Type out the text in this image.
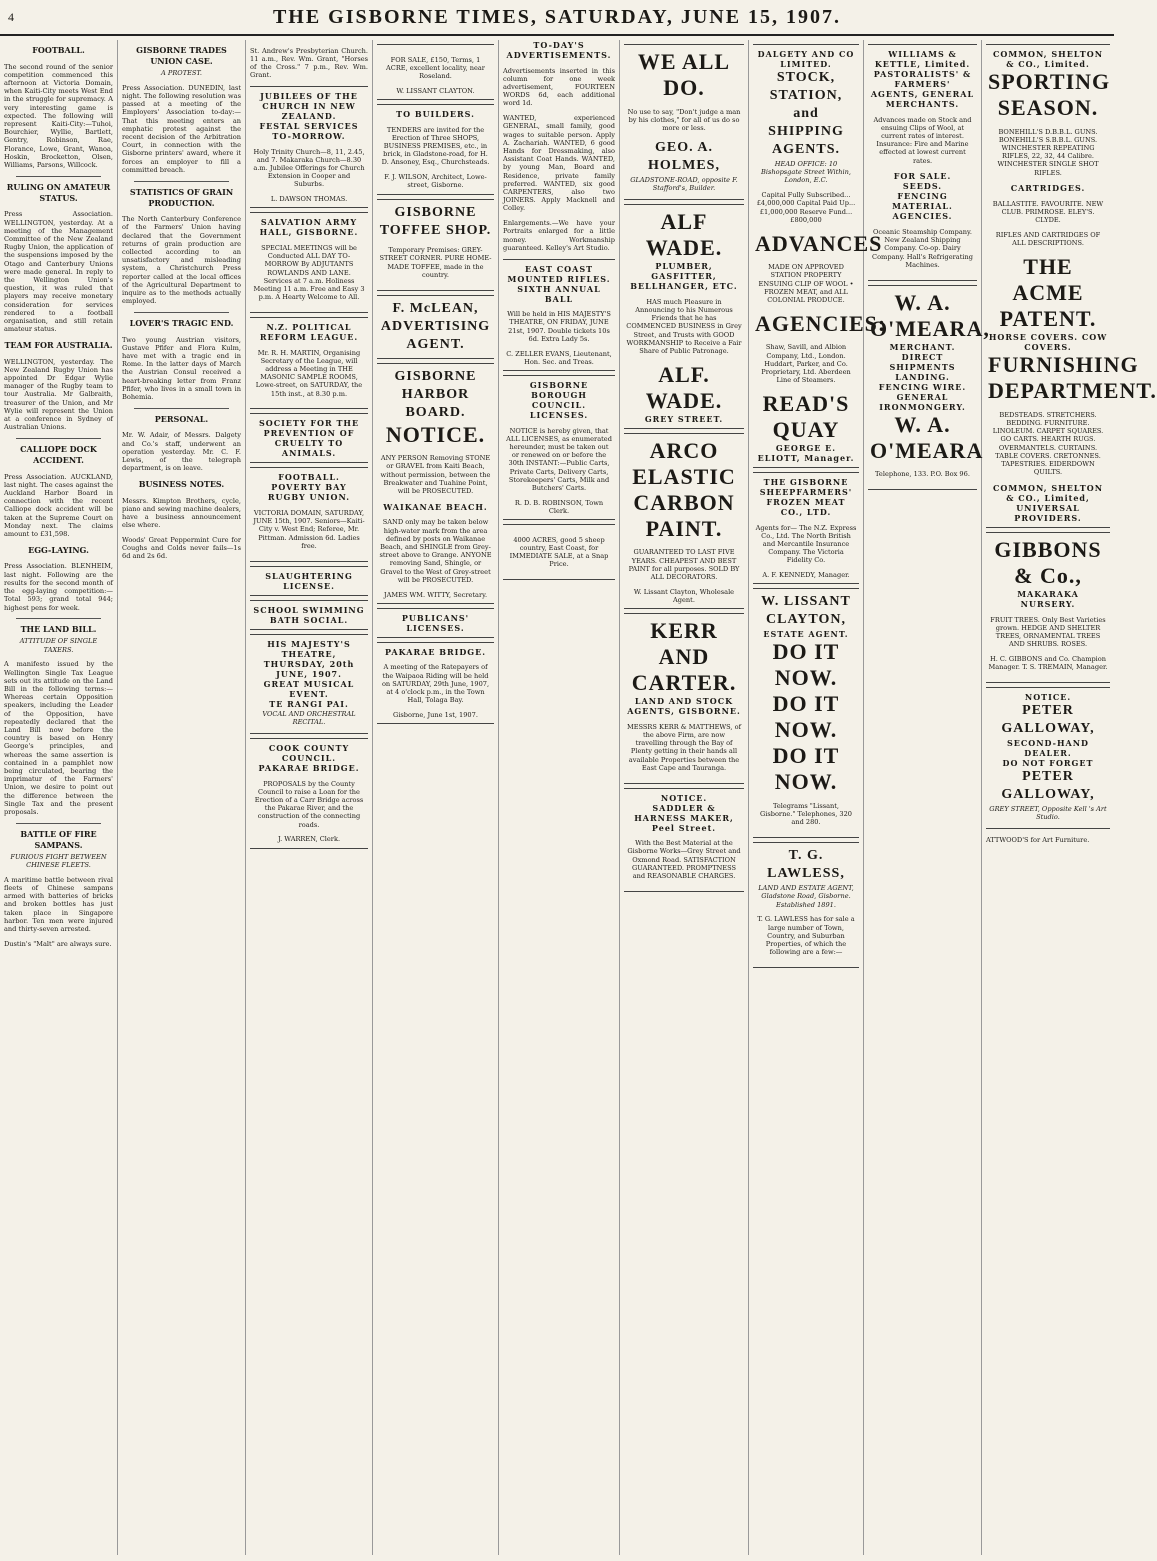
4	THE GISBORNE TIMES, SATURDAY, JUNE 15, 1907.
FOOTBALL.

The second round of the senior competition commenced this afternoon at Victoria Domain, when Kaiti-City meets West End in the struggle for supremacy. A very interesting game is expected. The following will represent Kaiti-City:—Tuhoi, Bourchier, Wyllie, Bartlett, Gentry, Robinson, Rae, Florance, Lowe, Grant, Wanoa, Hoskin, Brocketton, Olsen, Williams, Parsons, Willcock.

RULING ON AMATEUR STATUS.

Press Association. WELLINGTON, yesterday. At a meeting of the Management Committee of the New Zealand Rugby Union, the application of the suspensions imposed by the Otago and Canterbury Unions were made general. In reply to the Wellington Union's question, it was ruled that players may receive monetary consideration for services rendered to a football organisation, and still retain amateur status.

TEAM FOR AUSTRALIA.

WELLINGTON, yesterday. The New Zealand Rugby Union has appointed Dr Edgar Wylie manager of the Rugby team to tour Australia. Mr Galbraith, treasurer of the Union, and Mr Wylie will represent the Union at a conference in Sydney of Australian Unions.

CALLIOPE DOCK ACCIDENT.

Press Association. AUCKLAND, last night. The cases against the Auckland Harbor Board in connection with the recent Calliope dock accident will be taken at the Supreme Court on Monday next. The claims amount to £31,598.

EGG-LAYING.

Press Association. BLENHEIM, last night. Following are the results for the second month of the egg-laying competition:—Total 593; grand total 944; highest pens for week.

THE LAND BILL.
ATTITUDE OF SINGLE TAXERS.

A manifesto issued by the Wellington Single Tax League sets out its attitude on the Land Bill in the following terms:—Whereas certain Opposition speakers, including the Leader of the Opposition, have repeatedly declared that the Land Bill now before the country is based on Henry George's principles, and whereas the same assertion is contained in a pamphlet now being circulated, bearing the imprimatur of the Farmers' Union, we desire to point out the difference between the Single Tax and the present proposals.

BATTLE OF FIRE SAMPANS.
FURIOUS FIGHT BETWEEN CHINESE FLEETS.

A maritime battle between rival fleets of Chinese sampans armed with batteries of bricks and broken bottles has just taken place in Singapore harbor. Ten men were injured and thirty-seven arrested.

Dustin's "Malt" are always sure.

GISBORNE TRADES UNION CASE.
A PROTEST.

Press Association. DUNEDIN, last night. The following resolution was passed at a meeting of the Employers' Association to-day:—That this meeting enters an emphatic protest against the recent decision of the Arbitration Court, in connection with the Gisborne printers' award, where it forces an employer to fill a committed breach.

STATISTICS OF GRAIN PRODUCTION.

The North Canterbury Conference of the Farmers' Union having declared that the Government returns of grain production are collected according to an unsatisfactory and misleading system, a Christchurch Press reporter called at the local offices of the Agricultural Department to inquire as to the methods actually employed.

LOVER'S TRAGIC END.

Two young Austrian visitors, Gustave Pfifer and Flora Kulm, have met with a tragic end in Rome. In the latter days of March the Austrian Consul received a heart-breaking letter from Franz Pfifer, who lives in a small town in Bohemia.

PERSONAL.

Mr. W. Adair, of Messrs. Dalgety and Co.'s staff, underwent an operation yesterday. Mr. C. F. Lewis, of the telegraph department, is on leave.

BUSINESS NOTES.

Messrs. Kimpton Brothers, cycle, piano and sewing machine dealers, have a business announcement else where.

Woods' Great Peppermint Cure for Coughs and Colds never fails—1s 6d and 2s 6d.

St. Andrew's Presbyterian Church. 11 a.m., Rev. Wm. Grant, "Horses of the Cross." 7 p.m., Rev. Wm. Grant.

JUBILEES OF THE CHURCH IN NEW ZEALAND.
FESTAL SERVICES TO-MORROW.

Holy Trinity Church—8, 11, 2.45, and 7. Makaraka Church—8.30 a.m. Jubilee Offerings for Church Extension in Cooper and Suburbs.

L. DAWSON THOMAS.
SALVATION ARMY HALL, GISBORNE.

SPECIAL MEETINGS will be Conducted ALL DAY TO-MORROW By ADJUTANTS ROWLANDS AND LANE. Services at 7 a.m. Holiness Meeting 11 a.m. Free and Easy 3 p.m. A Hearty Welcome to All.

N.Z. POLITICAL REFORM LEAGUE.

Mr. R. H. MARTIN, Organising Secretary of the League, will address a Meeting in THE MASONIC SAMPLE ROOMS, Lowe-street, on SATURDAY, the 15th inst., at 8.30 p.m.

SOCIETY FOR THE PREVENTION OF CRUELTY TO ANIMALS.
FOOTBALL.
POVERTY BAY RUGBY UNION.

VICTORIA DOMAIN, SATURDAY, JUNE 15th, 1907. Seniors—Kaiti-City v. West End; Referee, Mr. Pittman. Admission 6d. Ladies free.

SLAUGHTERING LICENSE.
SCHOOL SWIMMING BATH SOCIAL.
HIS MAJESTY'S THEATRE, THURSDAY, 20th JUNE, 1907.
GREAT MUSICAL EVENT.
TE RANGI PAI.
VOCAL AND ORCHESTRAL RECITAL.
COOK COUNTY COUNCIL.
PAKARAE BRIDGE.

PROPOSALS by the County Council to raise a Loan for the Erection of a Carr Bridge across the Pakarae River, and the construction of the connecting roads.

J. WARREN, Clerk.

FOR SALE, £150, Terms, 1 ACRE, excellent locality, near Roseland.

W. LISSANT CLAYTON.
TO BUILDERS.

TENDERS are invited for the Erection of Three SHOPS, BUSINESS PREMISES, etc., in brick, in Gladstone-road, for H. D. Ansoney, Esq., Churchsteads.

F. J. WILSON, Architect, Lowe-street, Gisborne.
GISBORNE TOFFEE SHOP.

Temporary Premises: GREY-STREET CORNER. PURE HOME-MADE TOFFEE, made in the country.

F. McLEAN, ADVERTISING AGENT.
GISBORNE HARBOR BOARD.
NOTICE.

ANY PERSON Removing STONE or GRAVEL from Kaiti Beach, without permission, between the Breakwater and Tuahine Point, will be PROSECUTED.

WAIKANAE BEACH.

SAND only may be taken below high-water mark from the area defined by posts on Waikanae Beach, and SHINGLE from Grey-street above to Grange. ANYONE removing Sand, Shingle, or Gravel to the West of Grey-street will be PROSECUTED.

JAMES WM. WITTY, Secretary.
PUBLICANS' LICENSES.
PAKARAE BRIDGE.

A meeting of the Ratepayers of the Waipaoa Riding will be held on SATURDAY, 29th June, 1907, at 4 o'clock p.m., in the Town Hall, Tolaga Bay.

Gisborne, June 1st, 1907.
TO-DAY'S ADVERTISEMENTS.

Advertisements inserted in this column for one week advertisement, FOURTEEN WORDS 6d, each additional word 1d.

WANTED, experienced GENERAL, small family, good wages to suitable person. Apply A. Zachariah. WANTED, 6 good Hands for Dressmaking, also Assistant Coat Hands. WANTED, by young Man, Board and Residence, private family preferred. WANTED, six good CARPENTERS, also two JOINERS. Apply Macknell and Colley.

Enlargements.—We have your Portraits enlarged for a little money. Workmanship guaranteed. Kelley's Art Studio.

EAST COAST MOUNTED RIFLES.
SIXTH ANNUAL BALL

Will be held in HIS MAJESTY'S THEATRE, ON FRIDAY, JUNE 21st, 1907. Double tickets 10s 6d. Extra Lady 5s.

C. ZELLER EVANS, Lieutenant, Hon. Sec. and Treas.
GISBORNE BOROUGH COUNCIL.
LICENSES.

NOTICE is hereby given, that ALL LICENSES, as enumerated hereunder, must be taken out or renewed on or before the 30th INSTANT:—Public Carts, Private Carts, Delivery Carts, Storekeepers' Carts, Milk and Butchers' Carts.

R. D. B. ROBINSON, Town Clerk.

4000 ACRES, good 5 sheep country, East Coast, for IMMEDIATE SALE, at a Snap Price.

WE ALL DO.

No use to say, "Don't judge a man by his clothes," for all of us do so more or less.

GEO. A. HOLMES,
GLADSTONE-ROAD, opposite F. Stafford's, Builder.
ALF WADE.
PLUMBER, GASFITTER, BELLHANGER, ETC.

HAS much Pleasure in Announcing to his Numerous Friends that he has COMMENCED BUSINESS in Grey Street, and Trusts with GOOD WORKMANSHIP to Receive a Fair Share of Public Patronage.

ALF. WADE.
GREY STREET.
ARCO ELASTIC CARBON PAINT.

GUARANTEED TO LAST FIVE YEARS. CHEAPEST AND BEST PAINT for all purposes. SOLD BY ALL DECORATORS.

W. Lissant Clayton, Wholesale Agent.
KERR AND CARTER.
LAND AND STOCK AGENTS, GISBORNE.

MESSRS KERR & MATTHEWS, of the above Firm, are now travelling through the Bay of Plenty getting in their hands all available Properties between the East Cape and Tauranga.

NOTICE.
SADDLER & HARNESS MAKER, Peel Street.

With the Best Material at the Gisborne Works—Grey Street and Oxmond Road. SATISFACTION GUARANTEED. PROMPTNESS and REASONABLE CHARGES.

DALGETY AND CO LIMITED.
STOCK, STATION, and SHIPPING AGENTS.
HEAD OFFICE: 10 Bishopsgate Street Within, London, E.C.

Capital Fully Subscribed...£4,000,000 Capital Paid Up...£1,000,000 Reserve Fund...£800,000

ADVANCES

MADE ON APPROVED STATION PROPERTY ENSUING CLIP OF WOOL • FROZEN MEAT, and ALL COLONIAL PRODUCE.

AGENCIES:

Shaw, Savill, and Albion Company, Ltd., London. Huddart, Parker, and Co. Proprietary, Ltd. Aberdeen Line of Steamers.

READ'S QUAY
GEORGE E. ELIOTT, Manager.
THE GISBORNE SHEEPFARMERS' FROZEN MEAT CO., LTD.

Agents for— The N.Z. Express Co., Ltd. The North British and Mercantile Insurance Company. The Victoria Fidelity Co.

A. F. KENNEDY, Manager.
W. LISSANT CLAYTON,
ESTATE AGENT.
DO IT NOW.
DO IT NOW.
DO IT NOW.

Telegrams "Lissant, Gisborne." Telephones, 320 and 280.

T. G. LAWLESS,
LAND AND ESTATE AGENT, Gladstone Road, Gisborne. Established 1891.

T. G. LAWLESS has for sale a large number of Town, Country, and Suburban Properties, of which the following are a few:—

WILLIAMS & KETTLE, Limited.
PASTORALISTS' & FARMERS' AGENTS, GENERAL MERCHANTS.

Advances made on Stock and ensuing Clips of Wool, at current rates of interest. Insurance: Fire and Marine effected at lowest current rates.

FOR SALE.
SEEDS.
FENCING MATERIAL.
AGENCIES.

Oceanic Steamship Company. New Zealand Shipping Company. Co-op. Dairy Company. Hall's Refrigerating Machines.

W. A. O'MEARA,
MERCHANT.
DIRECT SHIPMENTS LANDING.
FENCING WIRE.
GENERAL IRONMONGERY.
W. A. O'MEARA

Telephone, 133. P.O. Box 96.

COMMON, SHELTON & CO., Limited.
SPORTING SEASON.

BONEHILL'S D.B.B.L. GUNS. BONEHILL'S S.B.B.L. GUNS. WINCHESTER REPEATING RIFLES, 22, 32, 44 Calibre. WINCHESTER SINGLE SHOT RIFLES.

CARTRIDGES.

BALLASTITE. FAVOURITE. NEW CLUB. PRIMROSE. ELEY'S. CLYDE.

RIFLES AND CARTRIDGES OF ALL DESCRIPTIONS.

THE ACME PATENT.
HORSE COVERS. COW COVERS.
FURNISHING DEPARTMENT.

BEDSTEADS. STRETCHERS. BEDDING. FURNITURE. LINOLEUM. CARPET SQUARES. GO CARTS. HEARTH RUGS. OVERMANTELS. CURTAINS. TABLE COVERS. CRETONNES. TAPESTRIES. EIDERDOWN QUILTS.

COMMON, SHELTON & CO., Limited,
UNIVERSAL PROVIDERS.
GIBBONS & Co.,
MAKARAKA NURSERY.

FRUIT TREES. Only Best Varieties grown. HEDGE AND SHELTER TREES, ORNAMENTAL TREES AND SHRUBS. ROSES.

H. C. GIBBONS and Co. Champion Manager. T. S. TREMAIN, Manager.

NOTICE.
PETER GALLOWAY,
SECOND-HAND DEALER.
DO NOT FORGET
PETER GALLOWAY,
GREY STREET, Opposite Kell 's Art Studio.

ATTWOOD'S for Art Furniture.
